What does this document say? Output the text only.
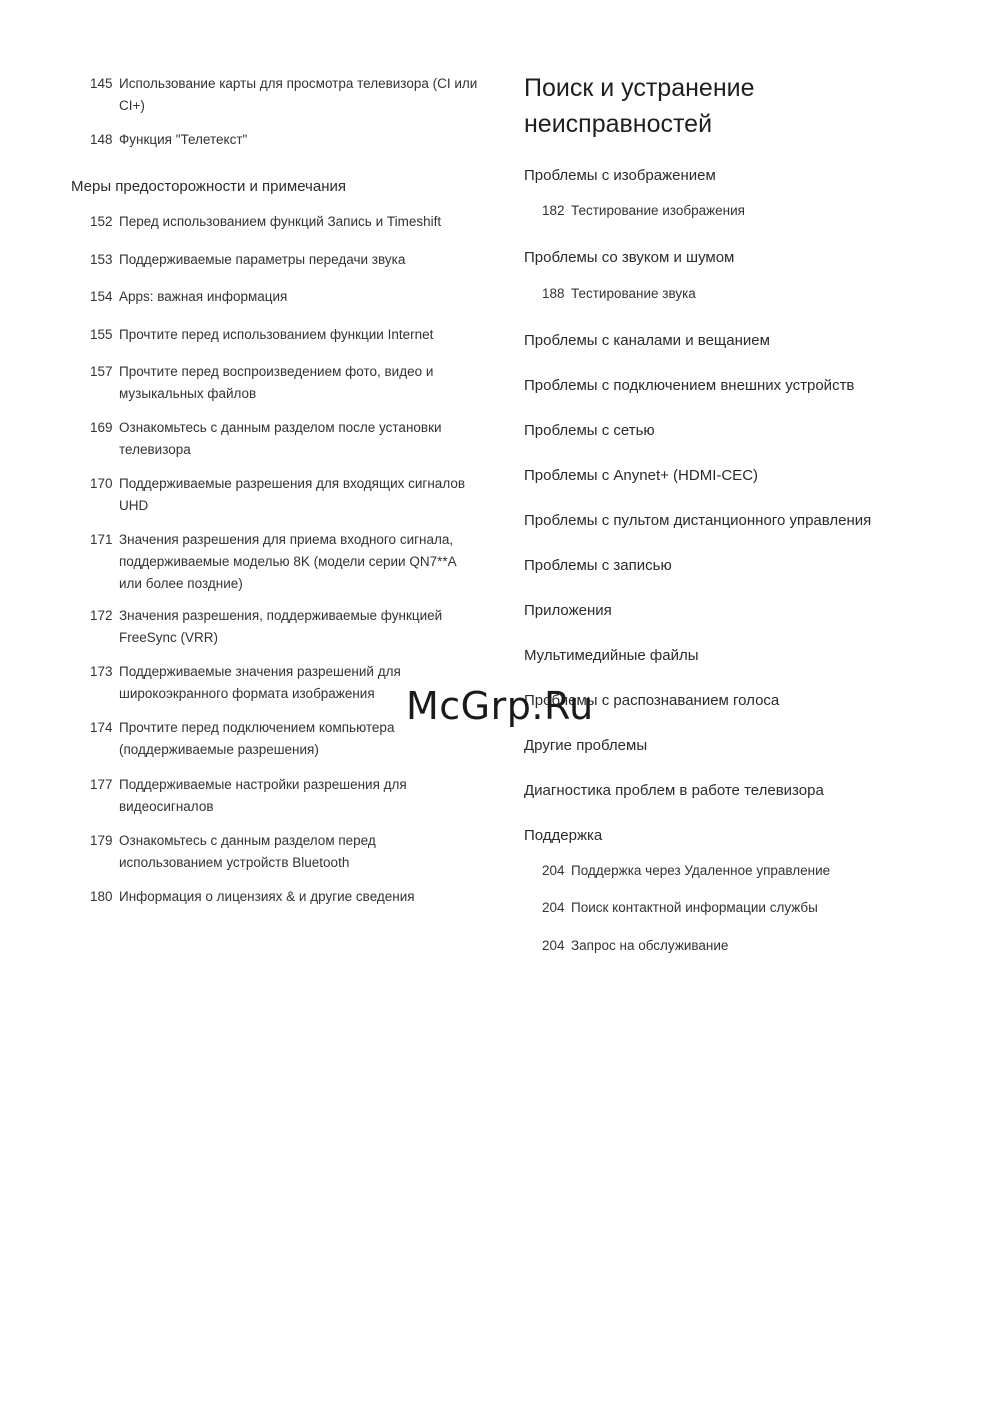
145 Использование карты для просмотра телевизора (CI или CI+)
148 Функция "Телетекст"
Меры предосторожности и примечания
152 Перед использованием функций Запись и Timeshift
153 Поддерживаемые параметры передачи звука
154 Apps: важная информация
155 Прочтите перед использованием функции Internet
157 Прочтите перед воспроизведением фото, видео и музыкальных файлов
169 Ознакомьтесь с данным разделом после установки телевизора
170 Поддерживаемые разрешения для входящих сигналов UHD
171 Значения разрешения для приема входного сигнала, поддерживаемые моделью 8K (модели серии QN7**A или более поздние)
172 Значения разрешения, поддерживаемые функцией FreeSync (VRR)
173 Поддерживаемые значения разрешений для широкоэкранного формата изображения
174 Прочтите перед подключением компьютера (поддерживаемые разрешения)
177 Поддерживаемые настройки разрешения для видеосигналов
179 Ознакомьтесь с данным разделом перед использованием устройств Bluetooth
180 Информация о лицензиях & и другие сведения
Поиск и устранение неисправностей
Проблемы с изображением
182 Тестирование изображения
Проблемы со звуком и шумом
188 Тестирование звука
Проблемы с каналами и вещанием
Проблемы с подключением внешних устройств
Проблемы с сетью
Проблемы с Anynet+ (HDMI-CEC)
Проблемы с пультом дистанционного управления
Проблемы с записью
Приложения
Мультимедийные файлы
Проблемы с распознаванием голоса
Другие проблемы
Диагностика проблем в работе телевизора
Поддержка
204 Поддержка через Удаленное управление
204 Поиск контактной информации службы
204 Запрос на обслуживание
McGrp.Ru
